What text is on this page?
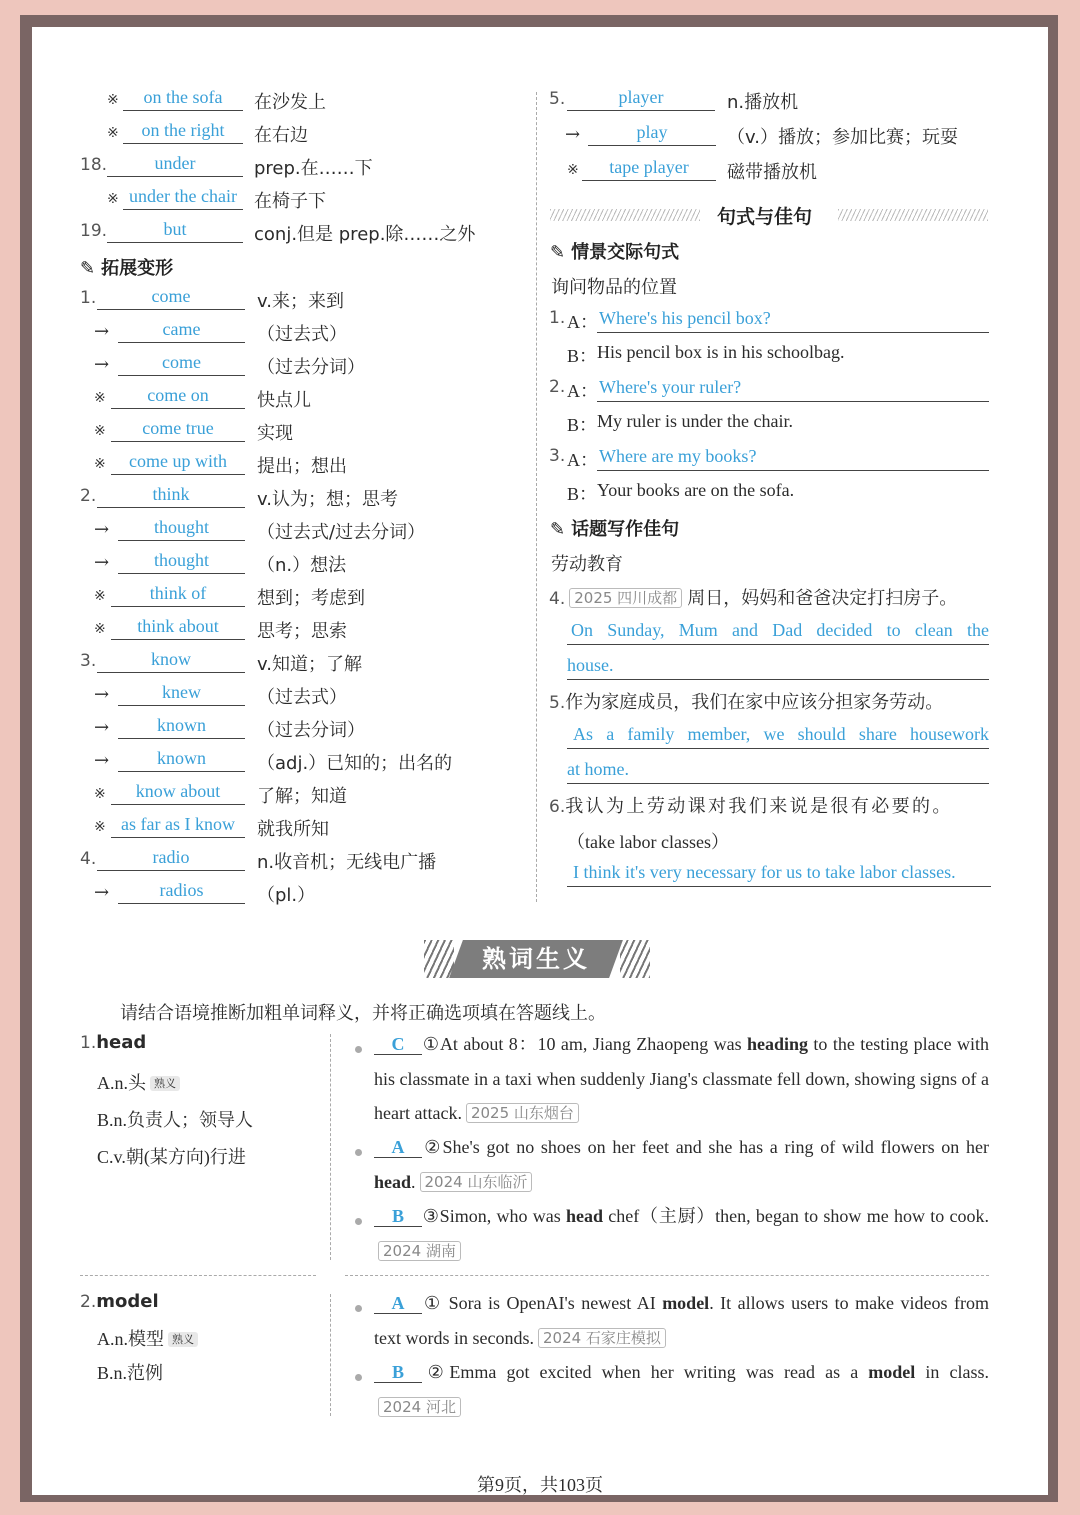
※	on the sofa	在沙发上
※	on the right	在右边
18.	under	prep.在……下
※ under the chair 在椅子下
19.	but	conj.但是 prep.除……之外
✎ 拓展变形
1.	come	v.来；来到
→	came	（过去式）
→	come	（过去分词）
※	come on	快点儿
※	come true	实现
※	come up with	提出；想出
2.	think	v.认为；想；思考
→	thought	（过去式/过去分词）
→	thought	（n.）想法
※	think of	想到；考虑到
※	think about	思考；思索
3.	know	v.知道；了解
→	knew	（过去式）
→	known	（过去分词）
→	known	（adj.）已知的；出名的
※	know about	了解；知道
※ as far as I know	就我所知
4.	radio	n.收音机；无线电广播
→	radios	（pl.）
5.	player	n.播放机
→	play	（v.）播放；参加比赛；玩耍
※	tape player	磁带播放机
句式与佳句
✎ 情景交际句式
询问物品的位置
1. A： Where's his pencil box?
B： His pencil box is in his schoolbag.
2. A： Where's your ruler?
B： My ruler is under the chair.
3. A： Where are my books?
B： Your books are on the sofa.
✎ 话题写作佳句
劳动教育
4. 2025 四川成都 周日，妈妈和爸爸决定打扫房子。
On Sunday, Mum and Dad decided to clean the
house.
5.作为家庭成员，我们在家中应该分担家务劳动。
As a family member, we should share housework
at home.
6.我认为上劳动课对我们来说是很有必要的。
（take labor classes）
I think it's very necessary for us to take labor classes.
熟词生义
请结合语境推断加粗单词释义，并将正确选项填在答题线上。
1.head
A.n.头 熟义
B.n.负责人；领导人
C.v.朝(某方向)行进
C ①At about 8：10 am, Jiang Zhaopeng was heading to the testing place with his classmate in a taxi when suddenly Jiang's classmate fell down, showing signs of a heart attack. 2025 山东烟台
A ②She's got no shoes on her feet and she has a ring of wild flowers on her head. 2024 山东临沂
B ③Simon, who was head chef（主厨）then, began to show me how to cook.2024 湖南
2.model
A.n.模型 熟义
B.n.范例
A ① Sora is OpenAI's newest AI model. It allows users to make videos from text words in seconds. 2024 石家庄模拟
B ②Emma got excited when her writing was read as a model in class.2024 河北
第9页，共103页
